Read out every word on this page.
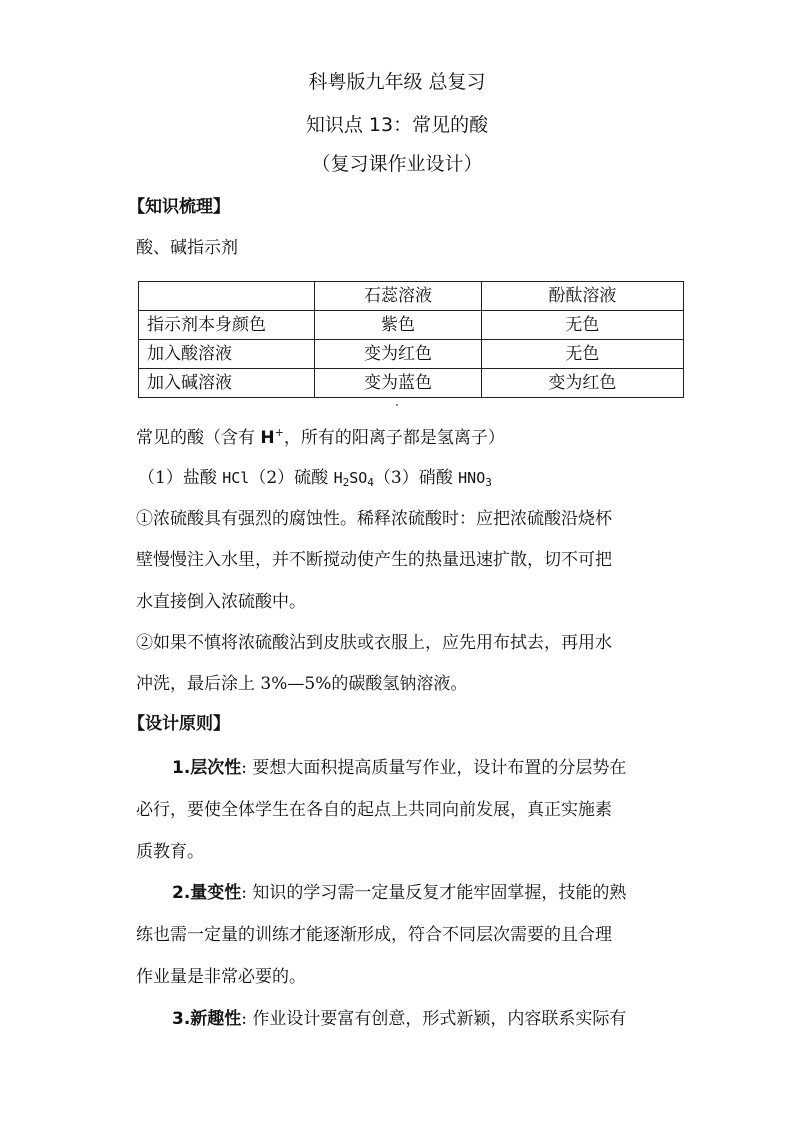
科粤版九年级 总复习
知识点 13：常见的酸
（复习课作业设计）
【知识梳理】
酸、碱指示剂
	石蕊溶液	酚酞溶液
指示剂本身颜色	紫色	无色
加入酸溶液	变为红色	无色
加入碱溶液	变为蓝色	变为红色
常见的酸（含有 H+，所有的阳离子都是氢离子）
（1）盐酸 HCl（2）硫酸 $H_2SO_4(3)$硝酸 $HNO_3$
①浓硫酸具有强烈的腐蚀性。稀释浓硫酸时：应把浓硫酸沿烧杯
壁慢慢注入水里，并不断搅动使产生的热量迅速扩散，切不可把
水直接倒入浓硫酸中。
②如果不慎将浓硫酸沾到皮肤或衣服上，应先用布拭去，再用水
冲洗，最后涂上 3%—5%的碳酸氢钠溶液。
【设计原则】
1.层次性: 要想大面积提高质量写作业，设计布置的分层势在
必行，要使全体学生在各自的起点上共同向前发展，真正实施素
质教育。
2.量变性: 知识的学习需一定量反复才能牢固掌握，技能的熟
练也需一定量的训练才能逐渐形成，符合不同层次需要的且合理
作业量是非常必要的。
3.新趣性: 作业设计要富有创意，形式新颖，内容联系实际有
